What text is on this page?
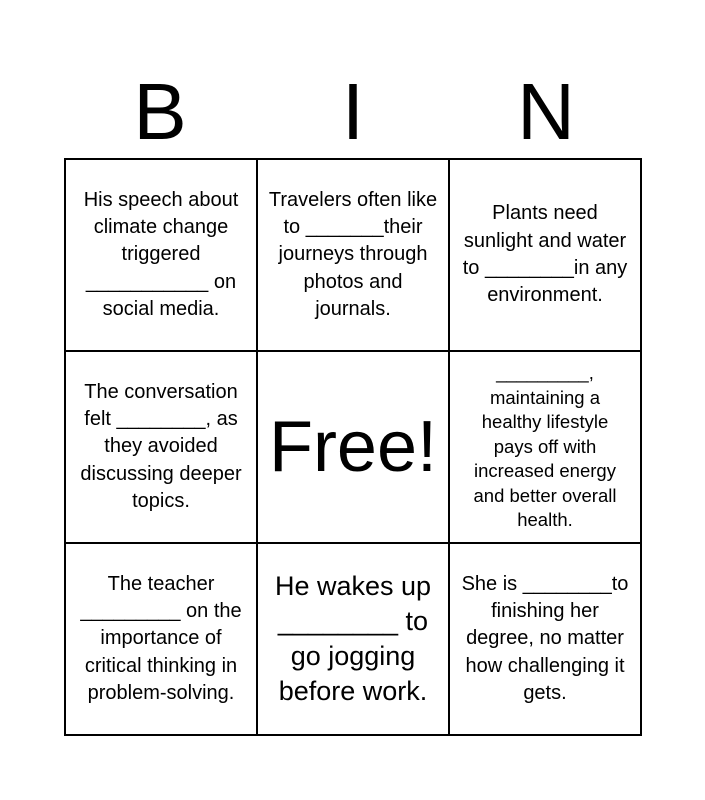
B	I	N
His speech about climate change triggered ___________ on social media.
Travelers often like to _______their journeys through photos and journals.
Plants need sunlight and water to ________in any environment.
The conversation felt ________, as they avoided discussing deeper topics.
Free!
_________, maintaining a healthy lifestyle pays off with increased energy and better overall health.
The teacher _________ on the importance of critical thinking in problem-solving.
He wakes up ________ to go jogging before work.
She is ________to finishing her degree, no matter how challenging it gets.
